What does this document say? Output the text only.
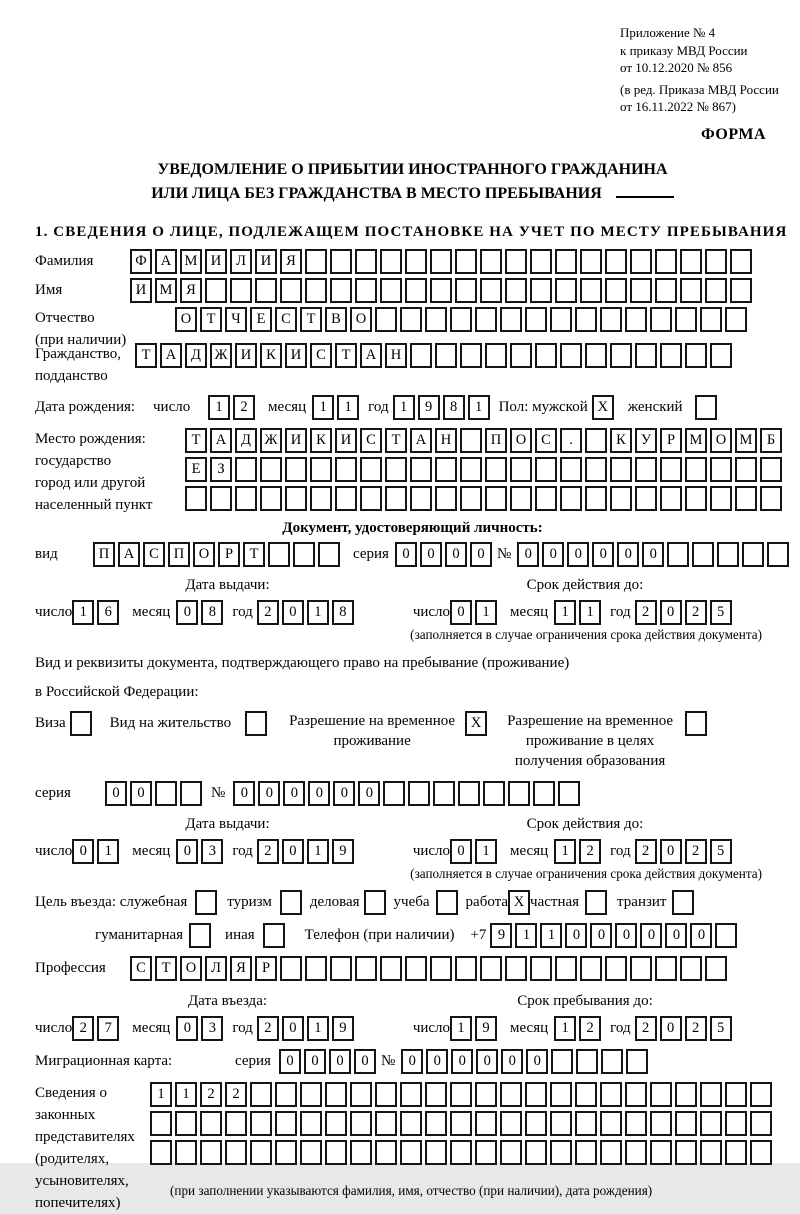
Приложение № 4
к приказу МВД России
от 10.12.2020 № 856
(в ред. Приказа МВД России
от 16.11.2022 № 867)
ФОРМА
УВЕДОМЛЕНИЕ О ПРИБЫТИИ ИНОСТРАННОГО ГРАЖДАНИНА
ИЛИ ЛИЦА БЕЗ ГРАЖДАНСТВА В МЕСТО ПРЕБЫВАНИЯ
1. СВЕДЕНИЯ О ЛИЦЕ, ПОДЛЕЖАЩЕМ ПОСТАНОВКЕ НА УЧЕТ ПО МЕСТУ ПРЕБЫВАНИЯ
Фамилия	Ф А М И	Л	И	Я
Имя	И М Я
Отчество
(при наличии)
О	Т	Ч	Е	С	Т	В	О
Гражданство,
подданство
Т	А	Д Ж И	К	И	С	Т	А	Н
Дата рождения:	число	1	2	месяц 1	1	год 1	9	8	1	Пол: мужской X	женский
Место рождения:
государство
город или другой
населенный пункт
Т	А	Д Ж И	К	И	С	Т	А	Н	П	О	С	.	К	У	Р	М О М Б
Е	З
Документ, удостоверяющий личность:
вид	П	А	С	П	О	Р	Т	серия 0	0	0	0 № 0	0	0	0	0	0
Дата выдачи:	Срок действия до:
число 1	6	месяц 0	8	год 2	0	1	8	число 0	1	месяц 1	1	год 2	0	2	5
(заполняется в случае ограничения срока действия документа)
Вид и реквизиты документа, подтверждающего право на пребывание (проживание)
в Российской Федерации:
Виза	Вид на жительство	Разрешение на временное
проживание
X	Разрешение на временное
проживание в целях
получения образования
серия	0	0	№	0	0	0	0	0	0
Дата выдачи:	Срок действия до:
число 0	1	месяц 0	3	год 2	0	1	9	число 0	1	месяц 1	2	год 2	0	2	5
(заполняется в случае ограничения срока действия документа)
Цель въезда: служебная	туризм	деловая учеба работа X частная	транзит
гуманитарная	иная	Телефон (при наличии) +7 9	1	1	0	0	0	0	0	0
Профессия	С	Т	О	Л	Я	Р
Дата въезда:	Срок пребывания до:
число 2	7	месяц 0	3	год 2	0	1	9	число 1	9	месяц 1	2	год 2	0	2	5
Миграционная карта:	серия	0	0	0	0 № 0	0	0	0	0	0
Сведения о
законных
представителях
(родителях,
усыновителях,
попечителях)
1	1	2	2
(при заполнении указываются фамилия, имя, отчество (при наличии), дата рождения)
